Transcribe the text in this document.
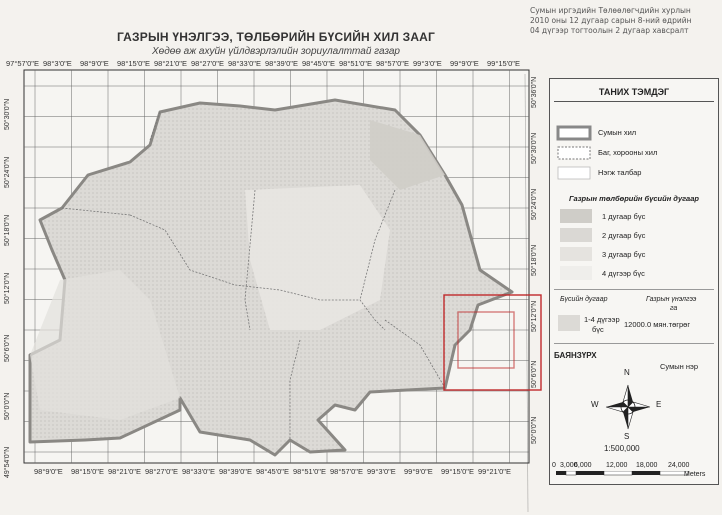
Сумын иргэдийн Төлөөлөгчдийн хурлын
2010 оны 12 дугаар сарын 8-ний өдрийн
04 дүгээр тогтоолын 2 дугаар хавсралт
ГАЗРЫН ҮНЭЛГЭЭ, ТӨЛБӨРИЙН БҮСИЙН ХИЛ ЗААГ
Хөдөө аж ахуйн үйлдвэрлэлийн зориулалттай газар
97°57'0"E 98°3'0"E 98°9'0"E 98°15'0"E 98°21'0"E 98°27'0"E 98°33'0"E 98°39'0"E 98°45'0"E 98°51'0"E 98°57'0"E 99°3'0"E 99°9'0"E 99°15'0"E
98°9'0"E 98°15'0"E 98°21'0"E 98°27'0"E 98°33'0"E 98°39'0"E 98°45'0"E 98°51'0"E 98°57'0"E 99°3'0"E 99°9'0"E 99°15'0"E 99°21'0"E
50°30'0"N
50°24'0"N
50°18'0"N
50°12'0"N
50°6'0"N
50°0'0"N
49°54'0"N
50°36'0"N
50°30'0"N
50°24'0"N
50°18'0"N
50°12'0"N
50°6'0"N
50°0'0"N
ТАНИХ ТЭМДЭГ
Сумын хил
Баг, хорооны хил
Нэгж талбар
Газрын төлбөрийн бүсийн дугаар
1 дугаар бүс
2 дугаар бүс
3 дугаар бүс
4 дүгээр бүс
Бүсийн дугаар	Газрын үнэлгээ
га
1-4 дүгээр
бүс
12000.0 мян.төгрөг
БАЯНЗҮРХ
Сумын нэр
1:500,000
0 3,000
6,000 12,000 18,000 24,000
Meters
N
S
E
W
